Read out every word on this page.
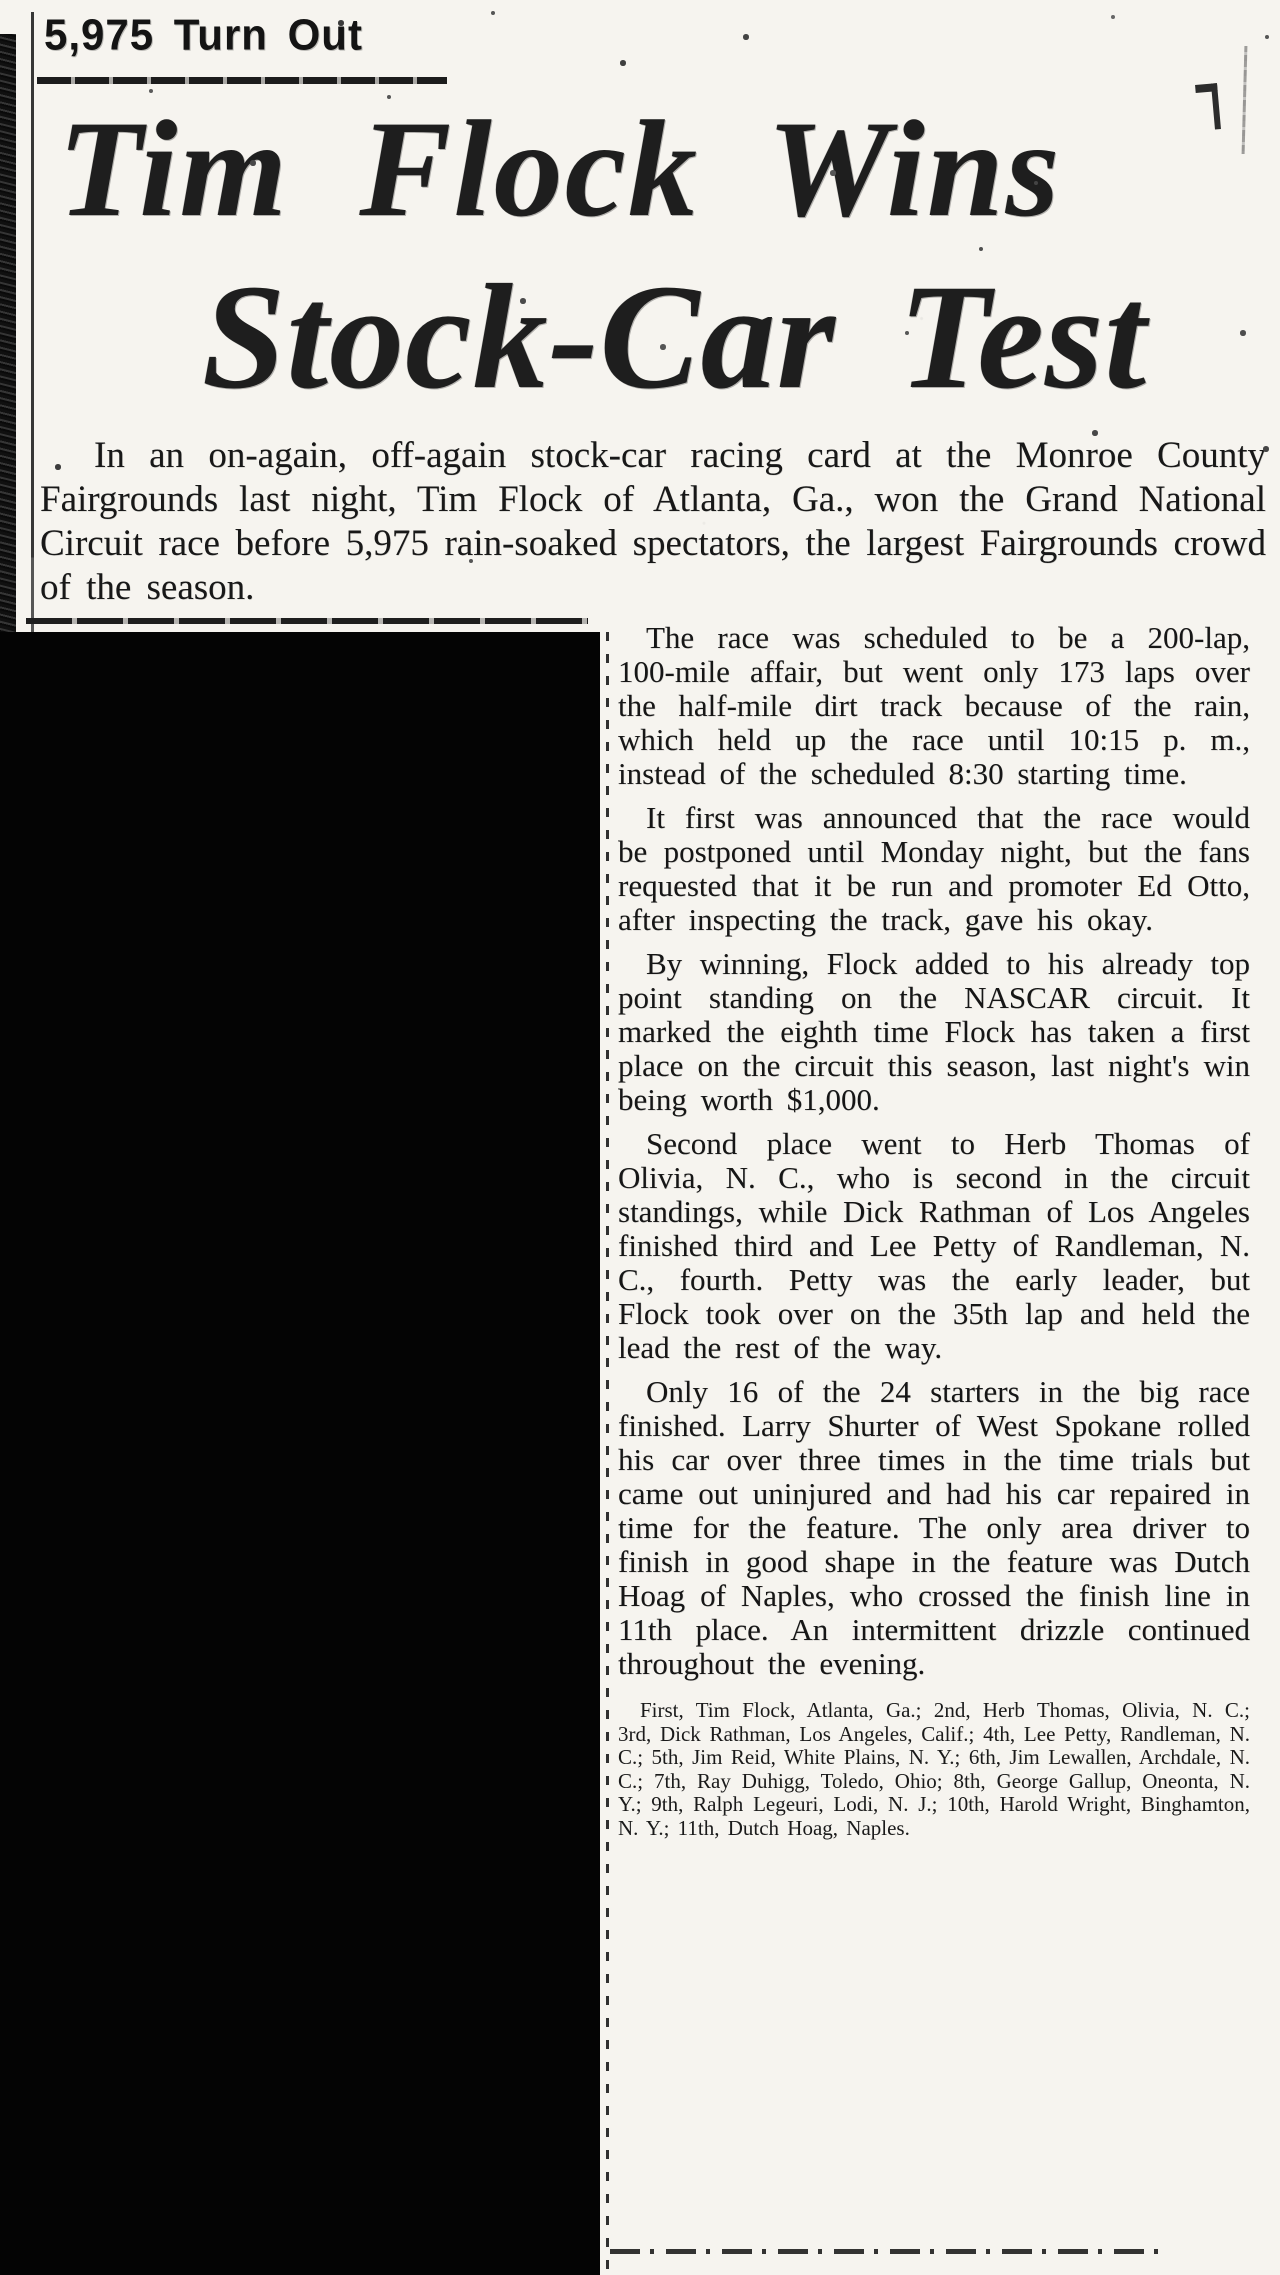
5,975 Turn Out
Tim Flock Wins
Stock-Car Test

In an on-again, off-again stock-car racing card at the Monroe County Fairgrounds last night, Tim Flock of Atlanta, Ga., won the Grand National Circuit race before 5,975 rain-soaked spectators, the largest Fairgrounds crowd of the season.

The race was scheduled to be a 200-lap, 100-mile affair, but went only 173 laps over the half-mile dirt track because of the rain, which held up the race until 10:15 p. m., instead of the scheduled 8:30 starting time.

It first was announced that the race would be postponed until Monday night, but the fans requested that it be run and promoter Ed Otto, after inspecting the track, gave his okay.

By winning, Flock added to his already top point standing on the NASCAR circuit. It marked the eighth time Flock has taken a first place on the circuit this season, last night's win being worth $1,000.

Second place went to Herb Thomas of Olivia, N. C., who is second in the circuit standings, while Dick Rathman of Los Angeles finished third and Lee Petty of Randleman, N. C., fourth. Petty was the early leader, but Flock took over on the 35th lap and held the lead the rest of the way.

Only 16 of the 24 starters in the big race finished. Larry Shurter of West Spokane rolled his car over three times in the time trials but came out uninjured and had his car repaired in time for the feature. The only area driver to finish in good shape in the feature was Dutch Hoag of Naples, who crossed the finish line in 11th place. An intermittent drizzle continued throughout the evening.

First, Tim Flock, Atlanta, Ga.; 2nd, Herb Thomas, Olivia, N. C.; 3rd, Dick Rathman, Los Angeles, Calif.; 4th, Lee Petty, Randleman, N. C.; 5th, Jim Reid, White Plains, N. Y.; 6th, Jim Lewallen, Archdale, N. C.; 7th, Ray Duhigg, Toledo, Ohio; 8th, George Gallup, Oneonta, N. Y.; 9th, Ralph Legeuri, Lodi, N. J.; 10th, Harold Wright, Binghamton, N. Y.; 11th, Dutch Hoag, Naples.
